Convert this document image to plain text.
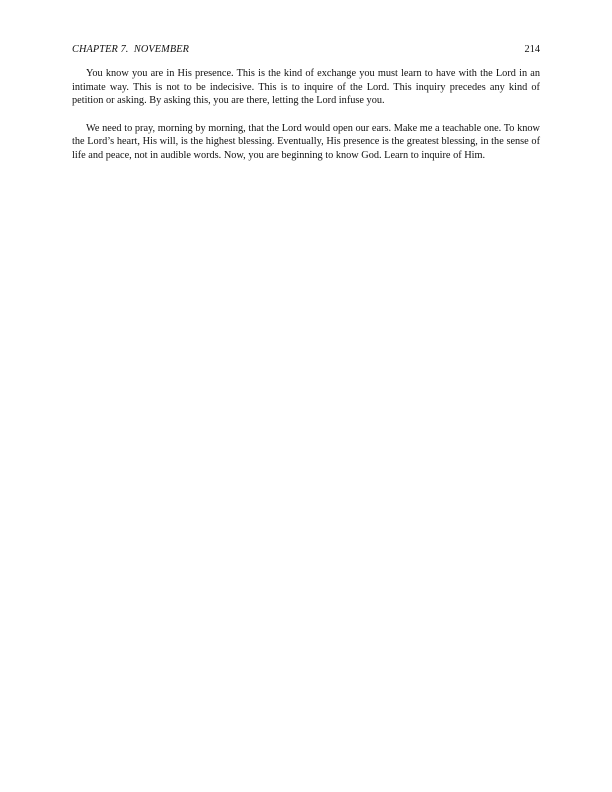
CHAPTER 7. NOVEMBER	214

You know you are in His presence. This is the kind of exchange you must learn to have with the Lord in an intimate way. This is not to be indecisive. This is to inquire of the Lord. This inquiry precedes any kind of petition or asking. By asking this, you are there, letting the Lord infuse you.

We need to pray, morning by morning, that the Lord would open our ears. Make me a teachable one. To know the Lord’s heart, His will, is the highest blessing. Eventually, His presence is the greatest blessing, in the sense of life and peace, not in audible words. Now, you are beginning to know God. Learn to inquire of Him.
